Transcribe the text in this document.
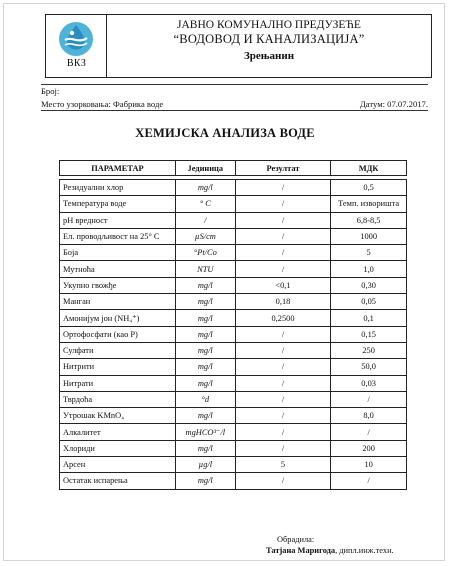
ВКЗ
ЈАВНО КОМУНАЛНО ПРЕДУЗЕЋЕ
“ВОДОВОД И КАНАЛИЗАЦИЈА”
Зрењанин
Број:
Место узорковања: Фабрика воде	Датум: 07.07.2017.
ХЕМИЈСКА АНАЛИЗА ВОДЕ
ПАРАМЕТАР	Јединица	Резултат	МДК

Резидуални хлор	mg/l	/	0,5
Температура воде	° C	/	Темп. изворишта
pH вредност	/	/	6,8-8,5
Ел. проводљивост на 25° C	µS/cm	/	1000
Боја	°Pt/Co	/	5
Мутноћа	NTU	/	1,0
Укупно гвожђе	mg/l	<0,1	0,30
Манган	mg/l	0,18	0,05
Амонијум јон (NH₄⁺)	mg/l	0,2500	0,1
Ортофосфати (као P)	mg/l	/	0,15
Сулфати	mg/l	/	250
Нитрити	mg/l	/	50,0
Нитрати	mg/l	/	0,03
Тврдоћа	°d	/	/
Утрошак KMnO₄	mg/l	/	8,0
Алкалитет	mgHCO³⁻/l	/	/
Хлориди	mg/l	/	200
Арсен	µg/l	5	10
Остатак испарења	mg/l	/	/
Обрадила:
Татјана Маригода, дипл.инж.техн.
